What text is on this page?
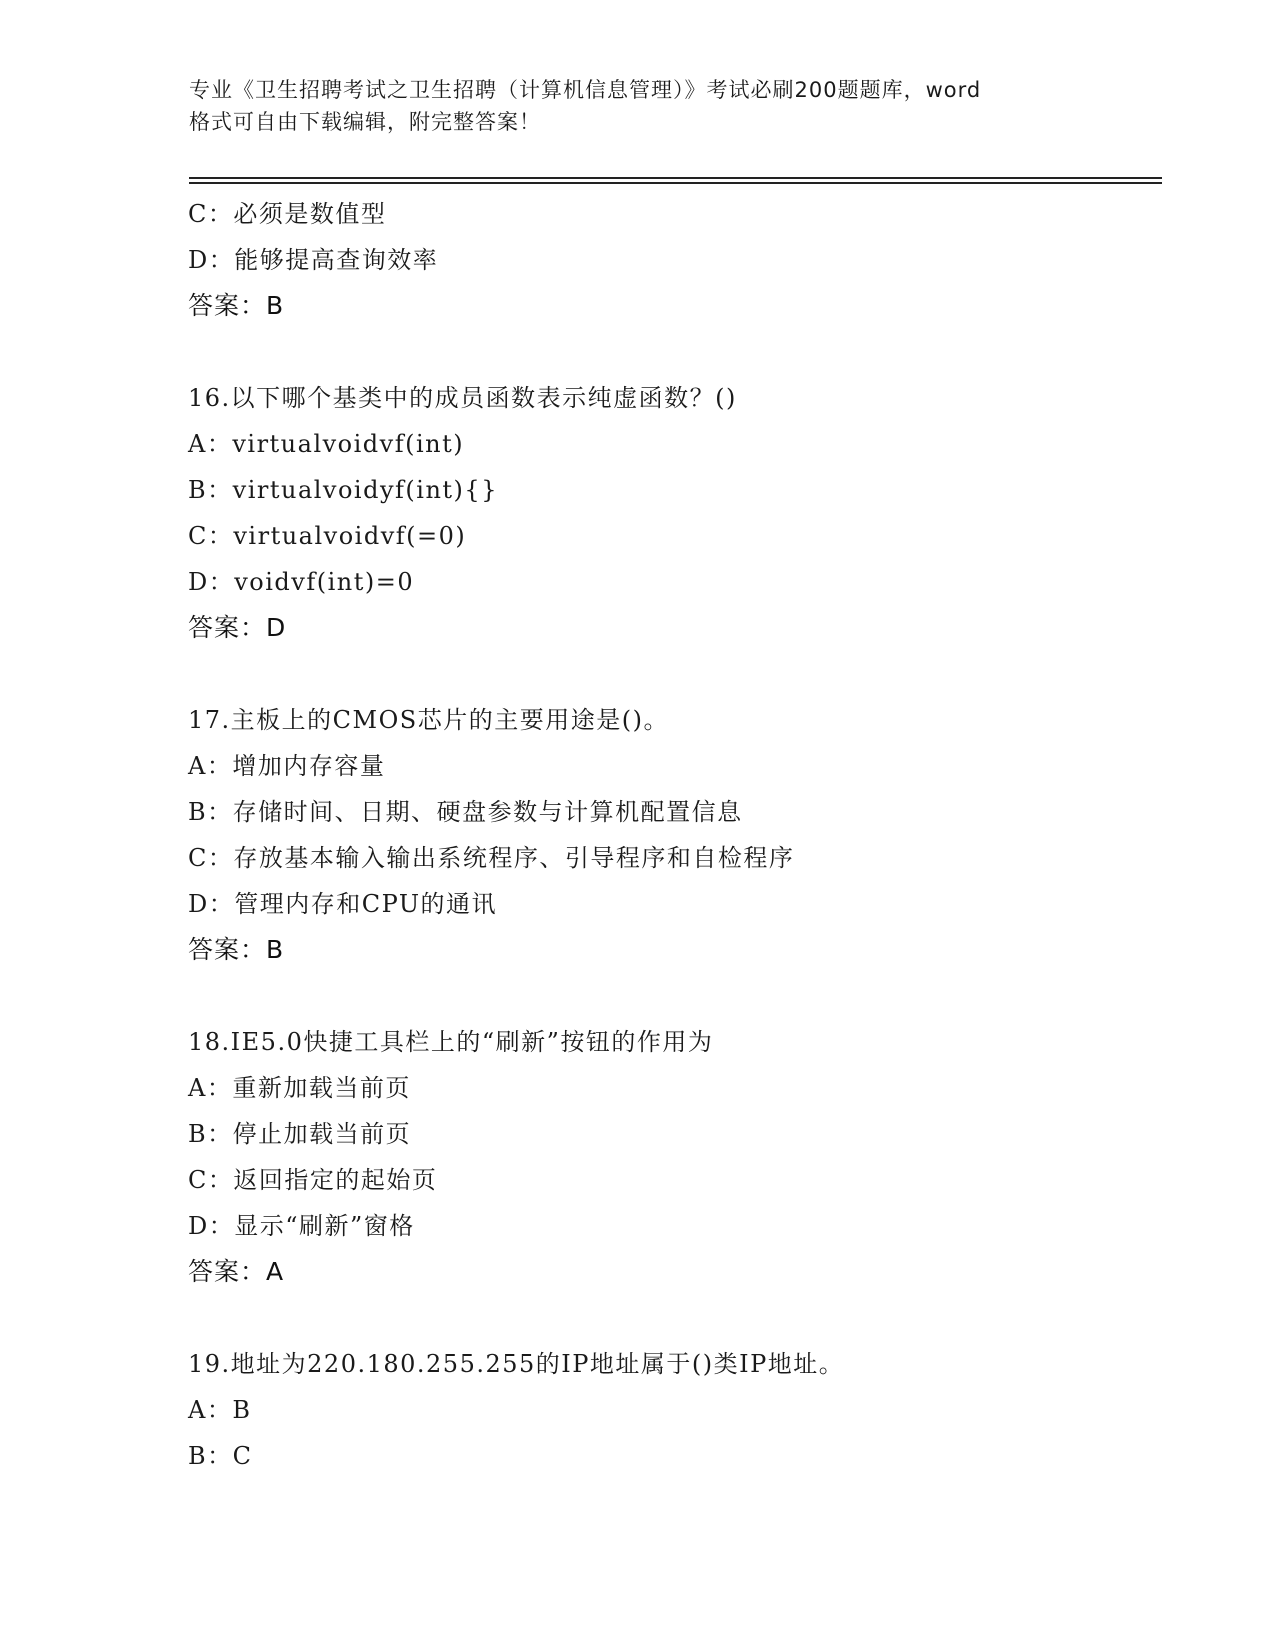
专业《卫生招聘考试之卫生招聘（计算机信息管理）》考试必刷200题题库，word
格式可自由下载编辑，附完整答案！
C：必须是数值型
D：能够提高查询效率
答案：B
16.以下哪个基类中的成员函数表示纯虚函数？()
A：virtualvoidvf(int)
B：virtualvoidyf(int){}
C：virtualvoidvf(=0)
D：voidvf(int)=0
答案：D
17.主板上的CMOS芯片的主要用途是()。
A：增加内存容量
B：存储时间、日期、硬盘参数与计算机配置信息
C：存放基本输入输出系统程序、引导程序和自检程序
D：管理内存和CPU的通讯
答案：B
18.IE5.0快捷工具栏上的“刷新”按钮的作用为
A：重新加载当前页
B：停止加载当前页
C：返回指定的起始页
D：显示“刷新”窗格
答案：A
19.地址为220.180.255.255的IP地址属于()类IP地址。
A：B
B：C
